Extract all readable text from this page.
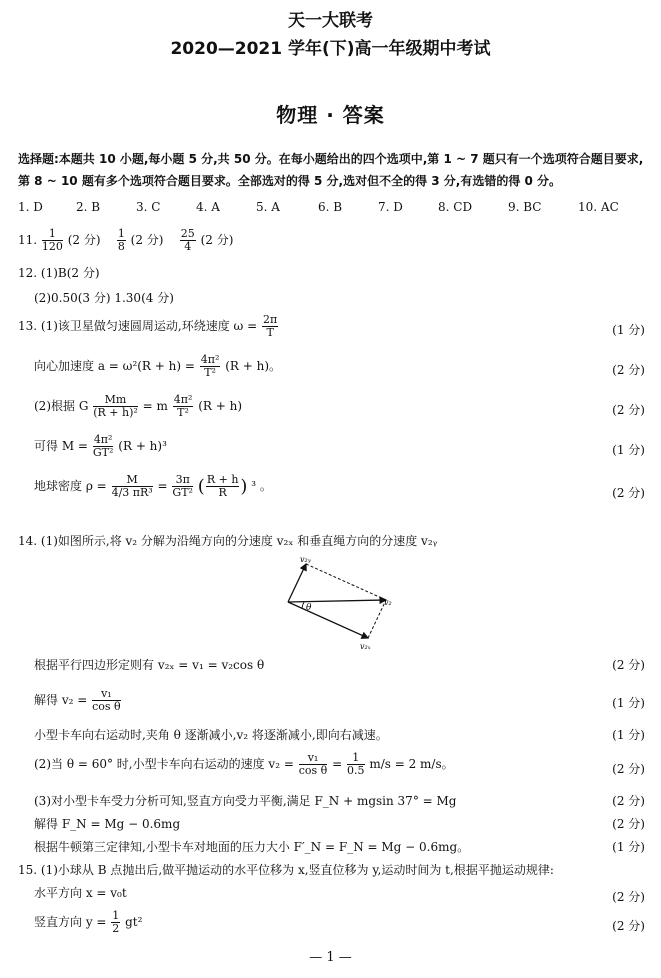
天一大联考
2020—2021 学年(下)高一年级期中考试
物理 · 答案
选择题:本题共 10 小题,每小题 5 分,共 50 分。在每小题给出的四个选项中,第 1 ~ 7 题只有一个选项符合题目要求,第 8 ~ 10 题有多个选项符合题目要求。全部选对的得 5 分,选对但不全的得 3 分,有选错的得 0 分。
1. D	2. B	3. C	4. A	5. A	6. B	7. D	8. CD	9. BC	10. AC
11. $\frac{1}{120} (2$ 分) $\frac{1}{8} (2$ 分) $\frac{25}{4} (2$ 分)
12. (1)B(2 分)
(2)0.50(3 分) 1.30(4 分)
13. (1)该卫星做匀速圆周运动,环绕速度 $\omega = \frac{2\pi}{T}$	(1 分)
向心加速度 $a = \omega^2(R + h) = \frac{\text{4π²}}{\text{T²}} (R + h)$。	(2 分)
(2)根据 G $\frac{Mm}{\text{(R + h)²}} = m \frac{\text{4π²}}{\text{T²}} (R + h)$	(2 分)
可得 $M = \frac{\text{4π²}}{\text{GT²}} (R + h)^3$	(1 分)
地球密度 $\rho = \frac{M}{\text{4/3 πR³}} = \frac{3\pi}{\text{GT²}}$ ( $\frac{R + h}{R}$ ) ³ 。	(2 分)
14. (1)如图所示,将 v₂ 分解为沿绳方向的分速度 v₂ₓ 和垂直绳方向的分速度 v₂ᵧ
θ
v₂ᵧ
v₂
v₂ₓ
根据平行四边形定则有 v₂ₓ = v₁ = v₂cos θ	(2 分)
解得 $v_2 = \frac{\text{v₁}}{\text{cos θ}}$	(1 分)
小型卡车向右运动时,夹角 θ 逐渐减小,v₂ 将逐渐减小,即向右减速。	(1 分)
(2)当 θ = 60° 时,小型卡车向右运动的速度 $v_2 = \frac{\text{v₁}}{\text{cos θ}} = \frac{1}{0.5} m/s = 2$ m/s。	(2 分)
(3)对小型卡车受力分析可知,竖直方向受力平衡,满足 F_N + mgsin 37° = Mg	(2 分)
解得 F_N = Mg − 0.6mg	(2 分)
根据牛顿第三定律知,小型卡车对地面的压力大小 F′_N = F_N = Mg − 0.6mg。	(1 分)
15. (1)小球从 B 点抛出后,做平抛运动的水平位移为 x,竖直位移为 y,运动时间为 t,根据平抛运动规律:
水平方向 x = v₀t	(2 分)
竖直方向 $y = \frac{1}{2} gt^2$	(2 分)
— 1 —
